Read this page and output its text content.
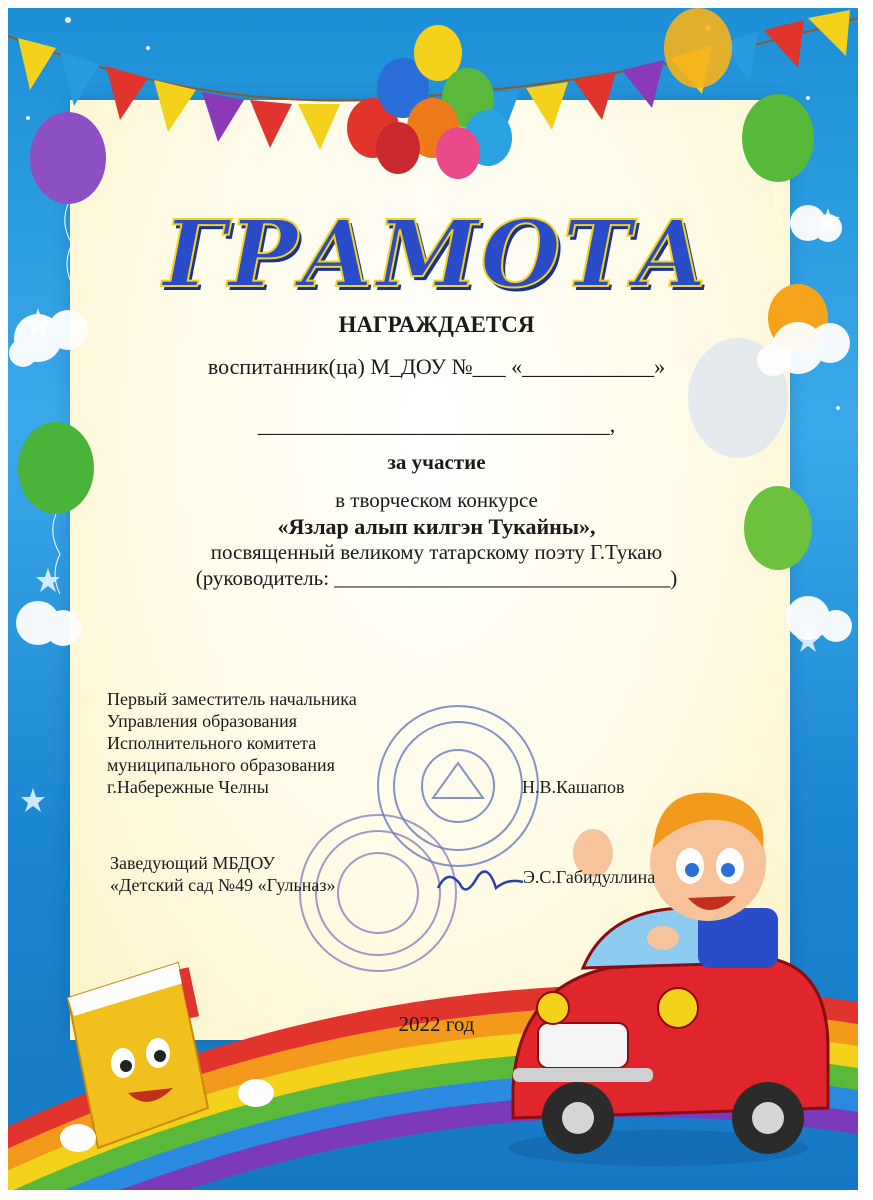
ГРАМОТА
НАГРАЖДАЕТСЯ
воспитанник(ца) М_ДОУ №___ «____________»
________________________________,
за участие
в творческом конкурсе
«Язлар алып килгэн Тукайны»,
посвященный великому татарскому поэту Г.Тукаю
(руководитель: ________________________________)
Первый заместитель начальника
Управления образования
Исполнительного комитета
муниципального образования
г.Набережные Челны	Н.В.Кашапов
Заведующий МБДОУ
«Детский сад №49 «Гульназ»	Э.С.Габидуллина
2022 год
